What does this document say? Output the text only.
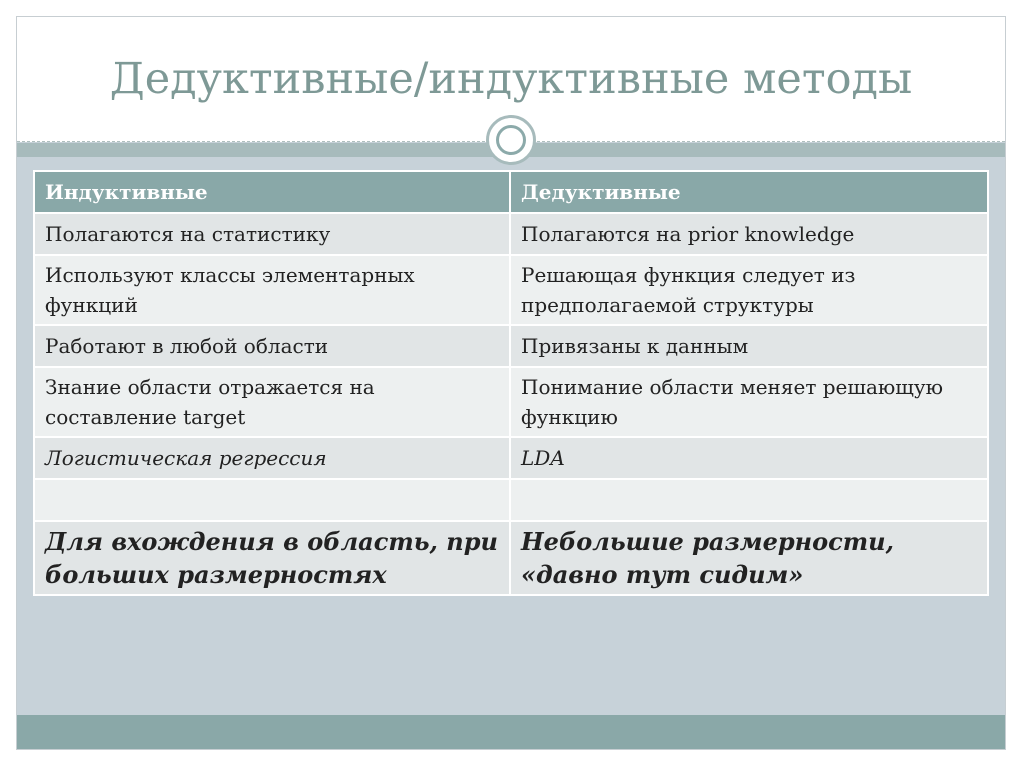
Дедуктивные/индуктивные методы
Индуктивные	Дедуктивные
Полагаются на статистику	Полагаются на prior knowledge
Используют классы элементарных функций	Решающая функция следует из предполагаемой структуры
Работают в любой области	Привязаны к данным
Знание области отражается на составление target	Понимание области меняет решающую функцию
Логистическая регрессия	LDA

Для вхождения в область, при больших размерностях	Небольшие размерности, «давно тут сидим»
